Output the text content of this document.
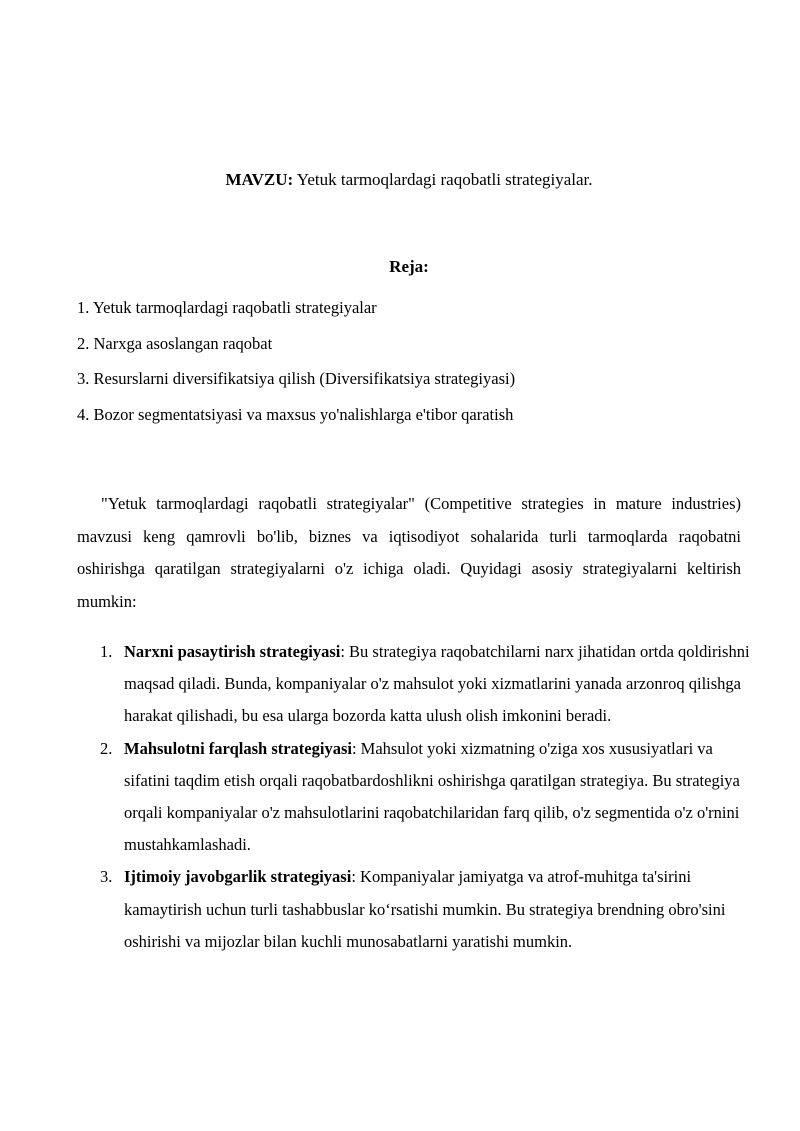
MAVZU: Yetuk tarmoqlardagi raqobatli strategiyalar.
Reja:
1. Yetuk tarmoqlardagi raqobatli strategiyalar
2. Narxga asoslangan raqobat
3. Resurslarni diversifikatsiya qilish (Diversifikatsiya strategiyasi)
4. Bozor segmentatsiyasi va maxsus yo'nalishlarga e'tibor qaratish

"Yetuk tarmoqlardagi raqobatli strategiyalar" (Competitive strategies in mature industries) mavzusi keng qamrovli bo'lib, biznes va iqtisodiyot sohalarida turli tarmoqlarda raqobatni oshirishga qaratilgan strategiyalarni o'z ichiga oladi. Quyidagi asosiy strategiyalarni keltirish mumkin:

1. Narxni pasaytirish strategiyasi: Bu strategiya raqobatchilarni narx jihatidan ortda qoldirishni maqsad qiladi. Bunda, kompaniyalar o'z mahsulot yoki xizmatlarini yanada arzonroq qilishga harakat qilishadi, bu esa ularga bozorda katta ulush olish imkonini beradi.
2. Mahsulotni farqlash strategiyasi: Mahsulot yoki xizmatning o'ziga xos xususiyatlari va sifatini taqdim etish orqali raqobatbardoshlikni oshirishga qaratilgan strategiya. Bu strategiya orqali kompaniyalar o'z mahsulotlarini raqobatchilaridan farq qilib, o'z segmentida o'z o'rnini mustahkamlashadi.
3. Ijtimoiy javobgarlik strategiyasi: Kompaniyalar jamiyatga va atrof-muhitga ta'sirini kamaytirish uchun turli tashabbuslar koʻrsatishi mumkin. Bu strategiya brendning obro'sini oshirishi va mijozlar bilan kuchli munosabatlarni yaratishi mumkin.
